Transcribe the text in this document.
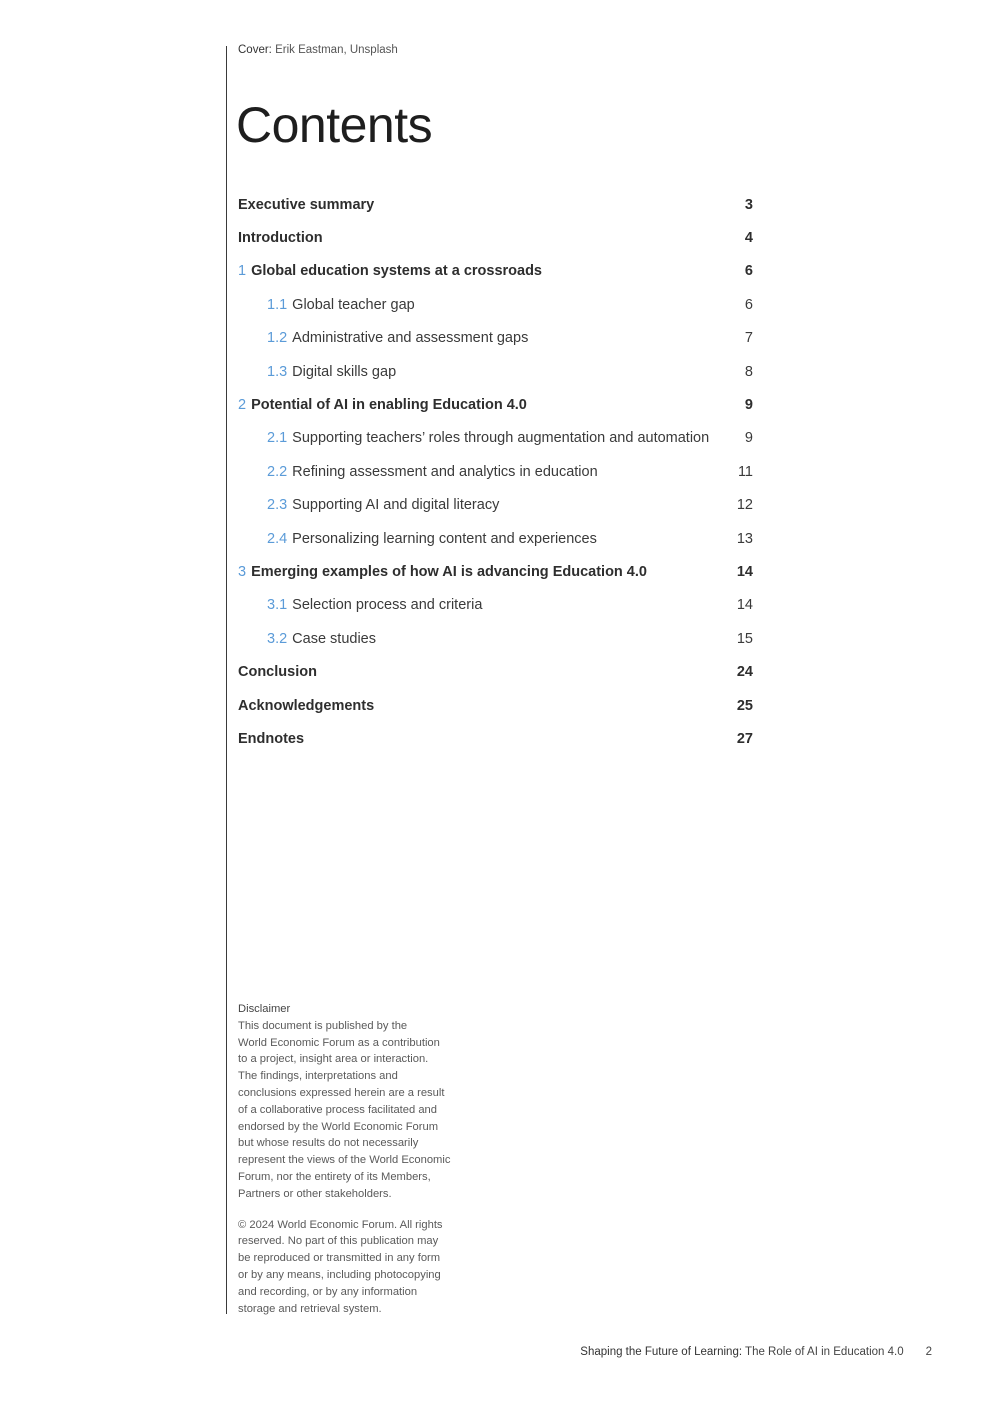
Cover: Erik Eastman, Unsplash
Contents
Executive summary	3
Introduction	4
1 Global education systems at a crossroads	6
1.1 Global teacher gap	6
1.2 Administrative and assessment gaps	7
1.3 Digital skills gap	8
2 Potential of AI in enabling Education 4.0	9
2.1 Supporting teachers’ roles through augmentation and automation 9
2.2 Refining assessment and analytics in education	11
2.3 Supporting AI and digital literacy	12
2.4 Personalizing learning content and experiences	13
3 Emerging examples of how AI is advancing Education 4.0	14
3.1 Selection process and criteria	14
3.2 Case studies	15
Conclusion	24
Acknowledgements	25
Endnotes	27

Disclaimer

This document is published by the

World Economic Forum as a contribution

to a project, insight area or interaction.

The findings, interpretations and

conclusions expressed herein are a result

of a collaborative process facilitated and

endorsed by the World Economic Forum

but whose results do not necessarily

represent the views of the World Economic

Forum, nor the entirety of its Members,

Partners or other stakeholders.

© 2024 World Economic Forum. All rights

reserved. No part of this publication may

be reproduced or transmitted in any form

or by any means, including photocopying

and recording, or by any information

storage and retrieval system.

Shaping the Future of Learning: The Role of AI in Education 4.0 2
